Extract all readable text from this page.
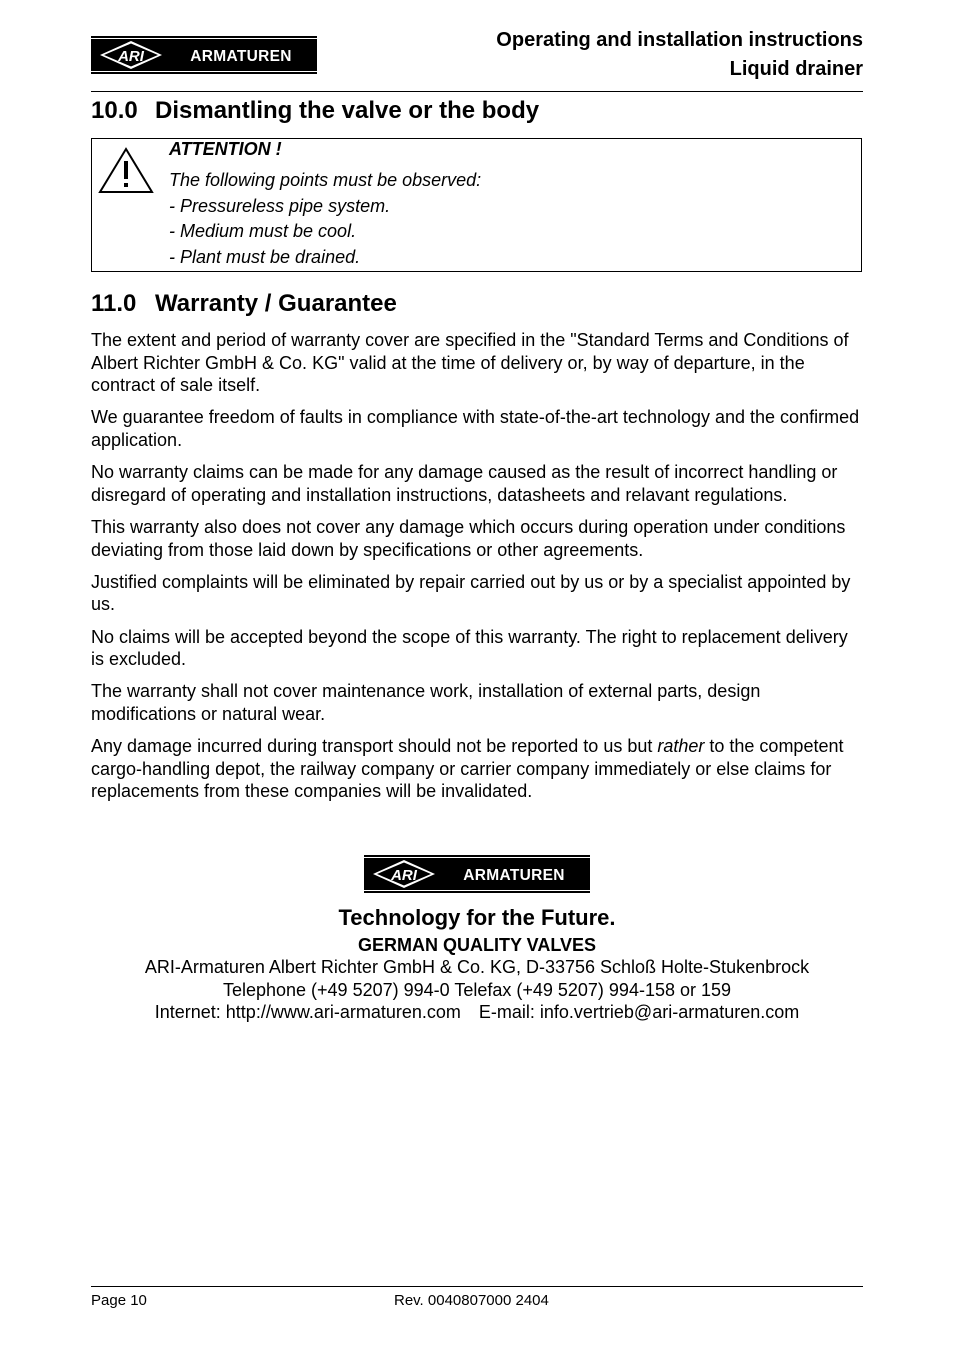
ARI	ARMATUREN
Operating and installation instructions
Liquid drainer
10.0 Dismantling the valve or the body
ATTENTION !
The following points must be observed:
- Pressureless pipe system.
- Medium must be cool.
- Plant must be drained.
11.0 Warranty / Guarantee

The extent and period of warranty cover are specified in the "Standard Terms and Conditions of Albert Richter GmbH & Co. KG" valid at the time of delivery or, by way of departure, in the contract of sale itself.

We guarantee freedom of faults in compliance with state-of-the-art technology and the confirmed application.

No warranty claims can be made for any damage caused as the result of incorrect handling or disregard of operating and installation instructions, datasheets and relavant regulations.

This warranty also does not cover any damage which occurs during operation under conditions deviating from those laid down by specifications or other agreements.

Justified complaints will be eliminated by repair carried out by us or by a specialist appointed by us.

No claims will be accepted beyond the scope of this warranty. The right to replacement delivery is excluded.

The warranty shall not cover maintenance work, installation of external parts, design modifications or natural wear.

Any damage incurred during transport should not be reported to us but rather to the competent cargo-handling depot, the railway company or carrier company immediately or else claims for replacements from these companies will be invalidated.

ARI	ARMATUREN
Technology for the Future.
GERMAN QUALITY VALVES
ARI-Armaturen Albert Richter GmbH & Co. KG, D-33756 Schloß Holte-Stukenbrock
Telephone (+49 5207) 994-0 Telefax (+49 5207) 994-158 or 159
Internet: http://www.ari-armaturen.com E-mail: info.vertrieb@ari-armaturen.com
Page 10	Rev. 0040807000 2404
